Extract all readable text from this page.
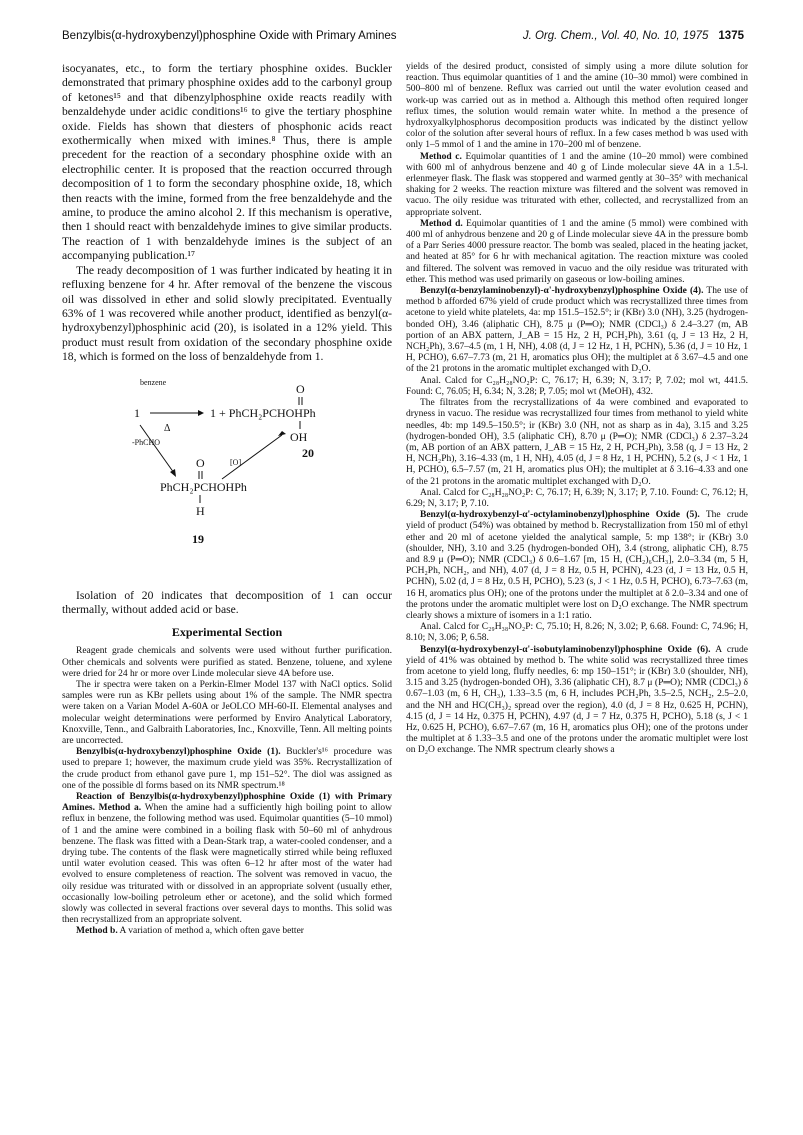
Benzylbis(α-hydroxybenzyl)phosphine Oxide with Primary Amines	J. Org. Chem., Vol. 40, No. 10, 1975 1375

isocyanates, etc., to form the tertiary phosphine oxides. Buckler demonstrated that primary phosphine oxides add to the carbonyl group of ketones¹⁵ and that dibenzylphosphine oxide reacts readily with benzaldehyde under acidic conditions¹⁶ to give the tertiary phosphine oxide. Fields has shown that diesters of phosphonic acids react exothermically when mixed with imines.⁸ Thus, there is ample precedent for the reaction of a secondary phosphine oxide with an electrophilic center. It is proposed that the reaction occurred through decomposition of 1 to form the secondary phosphine oxide, 18, which then reacts with the imine, formed from the free benzaldehyde and the amine, to produce the amino alcohol 2. If this mechanism is operative, then 1 should react with benzaldehyde imines to give similar products. The reaction of 1 with benzaldehyde imines is the subject of an accompanying publication.¹⁷

The ready decomposition of 1 was further indicated by heating it in refluxing benzene for 4 hr. After removal of the benzene the viscous oil was dissolved in ether and solid slowly precipitated. Eventually 63% of 1 was recovered while another product, identified as benzyl(α-hydroxybenzyl)phosphinic acid (20), is isolated in a 12% yield. This product must result from oxidation of the secondary phosphine oxide 18, which is formed on the loss of benzaldehyde from 1.

benzene
1
Δ
O
1 + PhCH₂PCHOHPh
OH
-PhCHO
20
[O]
O
PhCH₂PCHOHPh
H
19

Isolation of 20 indicates that decomposition of 1 can occur thermally, without added acid or base.

Experimental Section

Reagent grade chemicals and solvents were used without further purification. Other chemicals and solvents were purified as stated. Benzene, toluene, and xylene were dried for 24 hr or more over Linde molecular sieve 4A before use.

The ir spectra were taken on a Perkin-Elmer Model 137 with NaCl optics. Solid samples were run as KBr pellets using about 1% of the sample. The NMR spectra were taken on a Varian Model A-60A or JeOLCO MH-60-II. Elemental analyses and molecular weight determinations were performed by Enviro Analytical Laboratory, Knoxville, Tenn., and Galbraith Laboratories, Inc., Knoxville, Tenn. All melting points are uncorrected.

Benzylbis(α-hydroxybenzyl)phosphine Oxide (1). Buckler's¹⁶ procedure was used to prepare 1; however, the maximum crude yield was 35%. Recrystallization of the crude product from ethanol gave pure 1, mp 151–52°. The diol was assigned as one of the possible dl forms based on its NMR spectrum.¹⁸

Reaction of Benzylbis(α-hydroxybenzyl)phosphine Oxide (1) with Primary Amines. Method a. When the amine had a sufficiently high boiling point to allow reflux in benzene, the following method was used. Equimolar quantities (5–10 mmol) of 1 and the amine were combined in a boiling flask with 50–60 ml of anhydrous benzene. The flask was fitted with a Dean-Stark trap, a water-cooled condenser, and a drying tube. The contents of the flask were magnetically stirred while being refluxed until water evolution ceased. This was often 6–12 hr after most of the water had evolved to ensure completeness of reaction. The solvent was removed in vacuo, the oily residue was triturated with or dissolved in an appropriate solvent (usually ether, occasionally low-boiling petroleum ether or acetone), and the solid which formed slowly was collected in several fractions over several days to months. This solid was then recrystallized from an appropriate solvent.

Method b. A variation of method a, which often gave better

yields of the desired product, consisted of simply using a more dilute solution for reaction. Thus equimolar quantities of 1 and the amine (10–30 mmol) were combined in 500–800 ml of benzene. Reflux was carried out until the water evolution ceased and work-up was carried out as in method a. Although this method often required longer reflux times, the solution would remain water white. In method a the presence of hydroxyalkylphosphorus decomposition products was indicated by the distinct yellow color of the solution after several hours of reflux. In a few cases method b was used with only 1–5 mmol of 1 and the amine in 170–200 ml of benzene.

Method c. Equimolar quantities of 1 and the amine (10–20 mmol) were combined with 600 ml of anhydrous benzene and 40 g of Linde molecular sieve 4A in a 1.5-l. erlenmeyer flask. The flask was stoppered and warmed gently at 30–35° with mechanical shaking for 2 weeks. The reaction mixture was filtered and the solvent was removed in vacuo. The oily residue was triturated with ether, collected, and recrystallized from an appropriate solvent.

Method d. Equimolar quantities of 1 and the amine (5 mmol) were combined with 400 ml of anhydrous benzene and 20 g of Linde molecular sieve 4A in the pressure bomb of a Parr Series 4000 pressure reactor. The bomb was sealed, placed in the heating jacket, and heated at 85° for 6 hr with mechanical agitation. The reaction mixture was cooled and filtered. The solvent was removed in vacuo and the oily residue was triturated with ether. This method was used primarily on gaseous or low-boiling amines.

Benzyl(α-benzylaminobenzyl)-α'-hydroxybenzyl)phosphine Oxide (4). The use of method b afforded 67% yield of crude product which was recrystallized three times from acetone to yield white platelets, 4a: mp 151.5–152.5°; ir (KBr) 3.0 (NH), 3.25 (hydrogen-bonded OH), 3.46 (aliphatic CH), 8.75 μ (P═O); NMR (CDCl₃) δ 2.4–3.27 (m, AB portion of an ABX pattern, J_AB = 15 Hz, 2 H, PCH₂Ph), 3.61 (q, J = 13 Hz, 2 H, NCH₂Ph), 3.67–4.5 (m, 1 H, NH), 4.08 (d, J = 12 Hz, 1 H, PCHN), 5.36 (d, J = 10 Hz, 1 H, PCHO), 6.67–7.73 (m, 21 H, aromatics plus OH); the multiplet at δ 3.67–4.5 and one of the 21 protons in the aromatic multiplet exchanged with D₂O.

Anal. Calcd for C₂₈H₂₈NO₂P: C, 76.17; H, 6.39; N, 3.17; P, 7.02; mol wt, 441.5. Found: C, 76.05; H, 6.34; N, 3.28; P, 7.05; mol wt (MeOH), 432.

The filtrates from the recrystallizations of 4a were combined and evaporated to dryness in vacuo. The residue was recrystallized four times from methanol to yield white needles, 4b: mp 149.5–150.5°; ir (KBr) 3.0 (NH, not as sharp as in 4a), 3.15 and 3.25 (hydrogen-bonded OH), 3.5 (aliphatic CH), 8.70 μ (P═O); NMR (CDCl₃) δ 2.37–3.24 (m, AB portion of an ABX pattern, J_AB = 15 Hz, 2 H, PCH₂Ph), 3.58 (q, J = 13 Hz, 2 H, NCH₂Ph), 3.16–4.33 (m, 1 H, NH), 4.05 (d, J = 8 Hz, 1 H, PCHN), 5.2 (s, J < 1 Hz, 1 H, PCHO), 6.5–7.57 (m, 21 H, aromatics plus OH); the multiplet at δ 3.16–4.33 and one of the 21 protons in the aromatic multiplet exchanged with D₂O.

Anal. Calcd for C₂₈H₂₈NO₂P: C, 76.17; H, 6.39; N, 3.17; P, 7.10. Found: C, 76.12; H, 6.29; N, 3.17; P, 7.10.

Benzyl(α-hydroxybenzyl-α'-octylaminobenzyl)phosphine Oxide (5). The crude yield of product (54%) was obtained by method b. Recrystallization from 150 ml of ethyl ether and 20 ml of acetone yielded the analytical sample, 5: mp 138°; ir (KBr) 3.0 (shoulder, NH), 3.10 and 3.25 (hydrogen-bonded OH), 3.4 (strong, aliphatic CH), 8.75 and 8.9 μ (P═O); NMR (CDCl₃) δ 0.6–1.67 [m, 15 H, (CH₂)₆CH₃], 2.0–3.34 (m, 5 H, PCH₂Ph, NCH₂, and NH), 4.07 (d, J = 8 Hz, 0.5 H, PCHN), 4.23 (d, J = 13 Hz, 0.5 H, PCHN), 5.02 (d, J = 8 Hz, 0.5 H, PCHO), 5.23 (s, J < 1 Hz, 0.5 H, PCHO), 6.73–7.63 (m, 16 H, aromatics plus OH); one of the protons under the multiplet at δ 2.0–3.34 and one of the protons under the aromatic multiplet were lost on D₂O exchange. The NMR spectrum clearly shows a mixture of isomers in a 1:1 ratio.

Anal. Calcd for C₂₉H₃₈NO₂P: C, 75.10; H, 8.26; N, 3.02; P, 6.68. Found: C, 74.96; H, 8.10; N, 3.06; P, 6.58.

Benzyl(α-hydroxybenzyl-α'-isobutylaminobenzyl)phosphine Oxide (6). A crude yield of 41% was obtained by method b. The white solid was recrystallized three times from acetone to yield long, fluffy needles, 6: mp 150–151°; ir (KBr) 3.0 (shoulder, NH), 3.15 and 3.25 (hydrogen-bonded OH), 3.36 (aliphatic CH), 8.7 μ (P═O); NMR (CDCl₃) δ 0.67–1.03 (m, 6 H, CH₃), 1.33–3.5 (m, 6 H, includes PCH₂Ph, 3.5–2.5, NCH₂, 2.5–2.0, and the NH and HC(CH₃)₂ spread over the region), 4.0 (d, J = 8 Hz, 0.625 H, PCHN), 4.15 (d, J = 14 Hz, 0.375 H, PCHN), 4.97 (d, J = 7 Hz, 0.375 H, PCHO), 5.18 (s, J < 1 Hz, 0.625 H, PCHO), 6.67–7.67 (m, 16 H, aromatics plus OH); one of the protons under the multiplet at δ 1.33–3.5 and one of the protons under the aromatic multiplet were lost on D₂O exchange. The NMR spectrum clearly shows a
